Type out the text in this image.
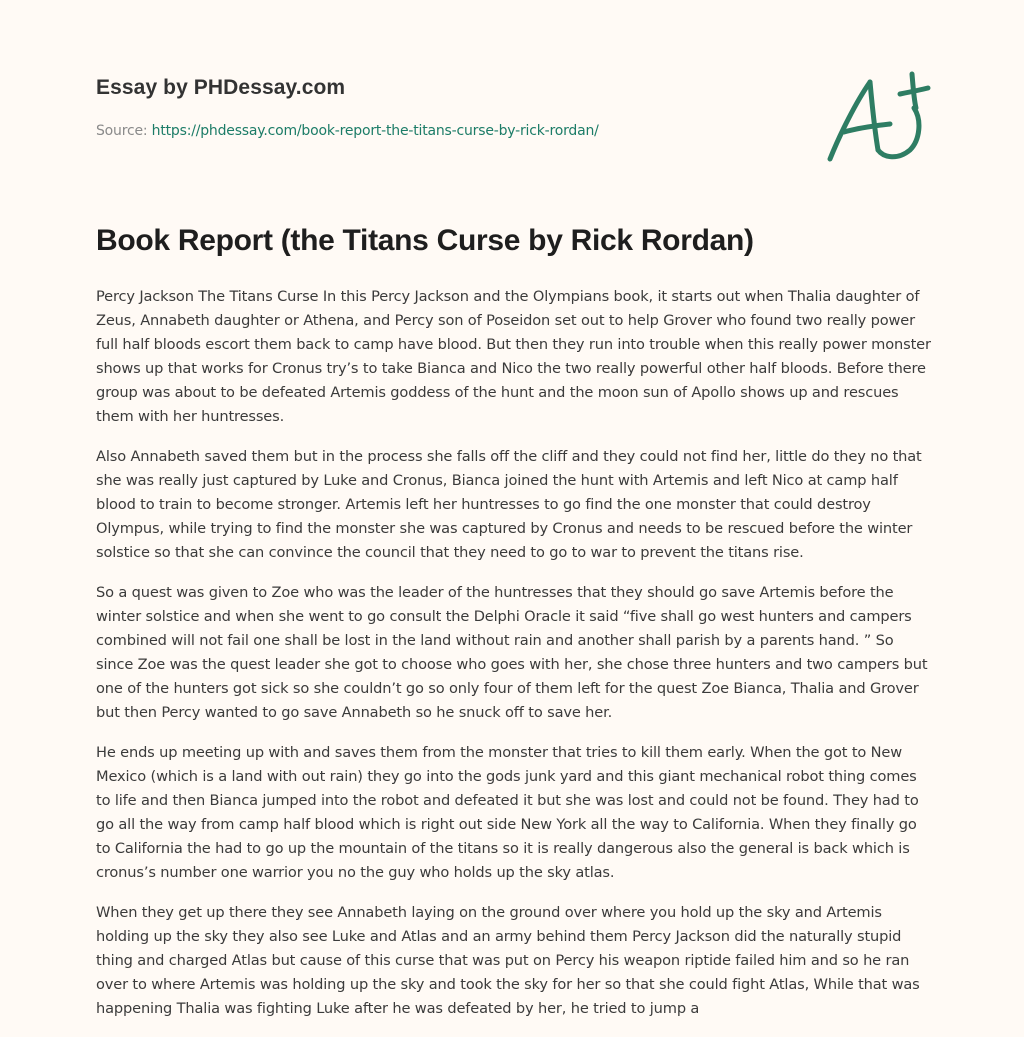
Essay by PHDessay.com
Source: https://phdessay.com/book-report-the-titans-curse-by-rick-rordan/
Book Report (the Titans Curse by Rick Rordan)

Percy Jackson The Titans Curse In this Percy Jackson and the Olympians book, it starts out when Thalia daughter of Zeus, Annabeth daughter or Athena, and Percy son of Poseidon set out to help Grover who found two really power full half bloods escort them back to camp have blood. But then they run into trouble when this really power monster shows up that works for Cronus try’s to take Bianca and Nico the two really powerful other half bloods. Before there group was about to be defeated Artemis goddess of the hunt and the moon sun of Apollo shows up and rescues them with her huntresses.

Also Annabeth saved them but in the process she falls off the cliff and they could not find her, little do they no that she was really just captured by Luke and Cronus, Bianca joined the hunt with Artemis and left Nico at camp half blood to train to become stronger. Artemis left her huntresses to go find the one monster that could destroy Olympus, while trying to find the monster she was captured by Cronus and needs to be rescued before the winter solstice so that she can convince the council that they need to go to war to prevent the titans rise.

So a quest was given to Zoe who was the leader of the huntresses that they should go save Artemis before the winter solstice and when she went to go consult the Delphi Oracle it said “five shall go west hunters and campers combined will not fail one shall be lost in the land without rain and another shall parish by a parents hand. ” So since Zoe was the quest leader she got to choose who goes with her, she chose three hunters and two campers but one of the hunters got sick so she couldn’t go so only four of them left for the quest Zoe Bianca, Thalia and Grover but then Percy wanted to go save Annabeth so he snuck off to save her.

He ends up meeting up with and saves them from the monster that tries to kill them early. When the got to New Mexico (which is a land with out rain) they go into the gods junk yard and this giant mechanical robot thing comes to life and then Bianca jumped into the robot and defeated it but she was lost and could not be found. They had to go all the way from camp half blood which is right out side New York all the way to California. When they finally go to California the had to go up the mountain of the titans so it is really dangerous also the general is back which is cronus’s number one warrior you no the guy who holds up the sky atlas.

When they get up there they see Annabeth laying on the ground over where you hold up the sky and Artemis holding up the sky they also see Luke and Atlas and an army behind them Percy Jackson did the naturally stupid thing and charged Atlas but cause of this curse that was put on Percy his weapon riptide failed him and so he ran over to where Artemis was holding up the sky and took the sky for her so that she could fight Atlas, While that was happening Thalia was fighting Luke after he was defeated by her, he tried to jump a
